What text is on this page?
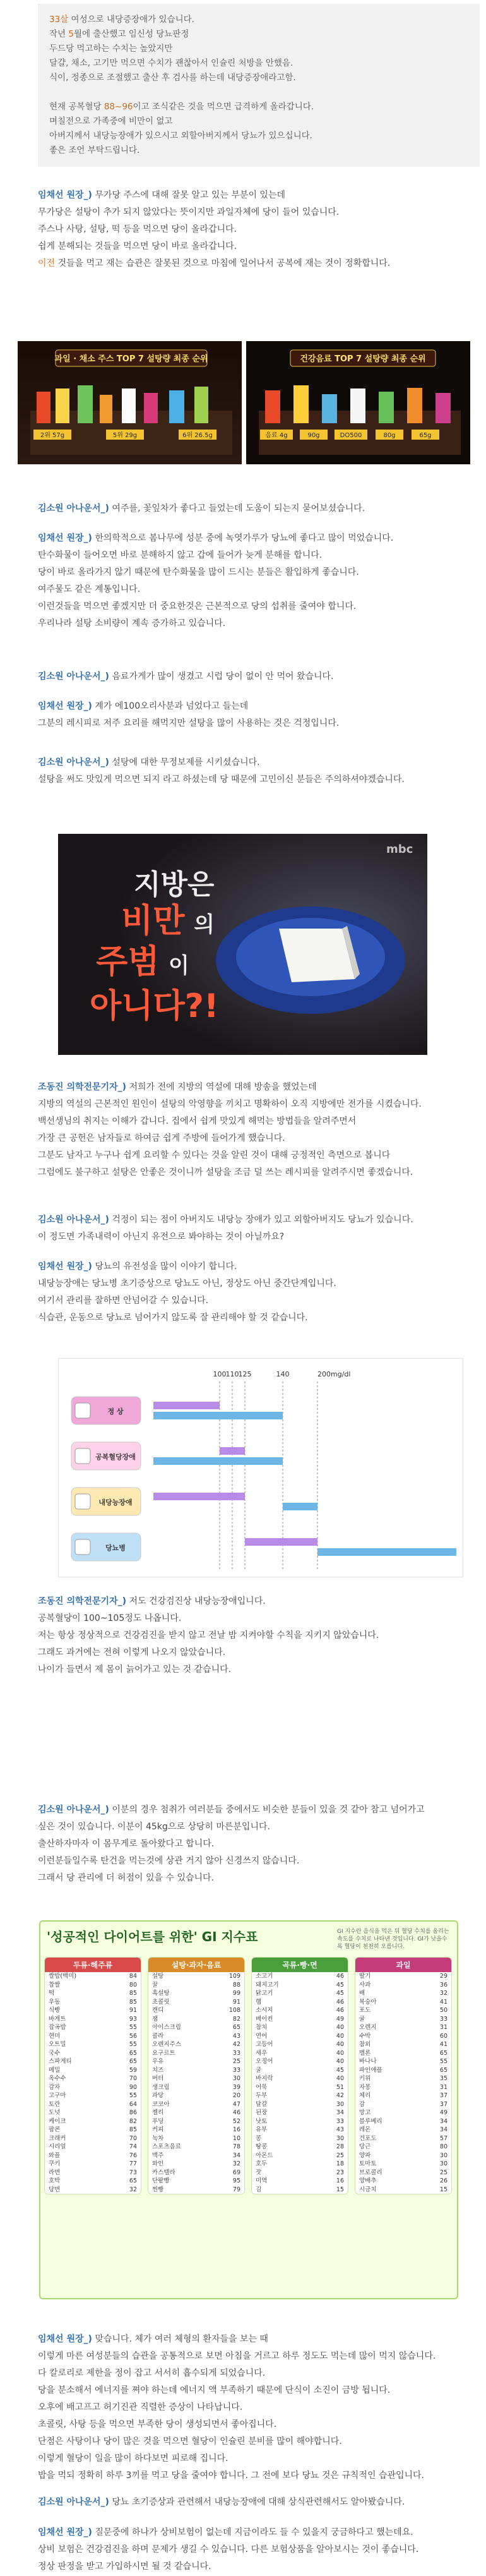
33살 여성으로 내당증장애가 있습니다.
작년 5월에 출산했고 임신성 당뇨판정
두드당 먹고하는 수치는 높았지만
달걀, 채소, 고기만 먹으면 수치가 괜찮아서 인슐린 처방을 안했음.
식이, 정종으로 조절했고 출산 후 검사를 하는데 내당증장애라고함.
현재 공복혈당 88~96이고 조식같은 것을 먹으면 급격하게 올라갑니다.
며칠전으로 가족중에 비만이 없고
아버지께서 내당능장애가 있으시고 외할아버지께서 당뇨가 있으십니다.
좋은 조언 부탁드립니다.

임채선 원장_) 무가당 주스에 대해 잘못 알고 있는 부분이 있는데

무가당은 설탕이 추가 되지 않았다는 뜻이지만 과일자체에 당이 들어 있습니다.

주스나 사탕, 설탕, 떡 등을 먹으면 당이 올라갑니다.

쉽게 분해되는 것들을 먹으면 당이 바로 올라갑니다.

이전 것들을 먹고 재는 습관은 잘못된 것으로 마침에 일어나서 공복에 재는 것이 정확합니다.

과일 · 채소 주스 TOP 7 설탕량 최종 순위
2위 57g	5위 29g	6위 26.5g
건강음료 TOP 7 설탕량 최종 순위
음료 4g	90g	DO500	80g	65g

김소원 아나운서_) 여주를, 꽃잎차가 좋다고 들었는데 도움이 되는지 묻어보셨습니다.

임채선 원장_) 한의학적으로 봄나무에 성분 중에 녹엿가루가 당뇨에 좋다고 많이 먹었습니다.

탄수화물이 들어오면 바로 분해하지 않고 갑에 들어가 늦게 분해를 합니다.

당이 바로 올라가지 않기 때문에 탄수화물을 많이 드시는 분들은 활입하게 좋습니다.

여주물도 같은 계통입니다.

이런것들을 먹으면 좋겠지만 더 중요한것은 근본적으로 당의 섭취를 줄여야 합니다.

우리나라 설탕 소비량이 계속 증가하고 있습니다.

김소원 아나운서_) 음료가게가 많이 생겼고 시럽 당이 없이 안 먹어 왔습니다.

임채선 원장_) 계가 에100오리사분과 넘었다고 들는데

그분의 레시피로 저주 요리를 해먹지만 설탕을 많이 사용하는 것은 걱정입니다.

김소원 아나운서_) 설탕에 대한 무정보제를 시키셨습니다.

설탕을 써도 맛있게 먹으면 되지 라고 하셨는데 당 때문에 고민이신 분들은 주의하셔야겠습니다.

지방은
비만 의
주범 이
아니다?!
mbc

조동진 의학전문기자_) 저희가 전에 지방의 역설에 대해 방송을 했었는데

지방의 역설의 근본적인 원인이 설탕의 악영향을 끼치고 명확하이 오직 지방에만 전가를 시켰습니다.

백선생님의 취지는 이해가 갑니다. 집에서 쉽게 맛있게 해먹는 방법들을 알려주면서

가장 큰 공헌은 남자들로 하여금 쉽게 주방에 들어가게 했습니다.

그분도 남자고 누구나 쉽게 요리할 수 있다는 것을 알린 것이 대해 긍정적인 측면으로 봅니다

그럼에도 불구하고 설탕은 안좋은 것이니까 설탕을 조금 덜 쓰는 레시피를 알려주시면 좋겠습니다.

김소원 아나운서_) 걱정이 되는 점이 아버지도 내당능 장애가 있고 외할아버지도 당뇨가 있습니다.

이 정도면 가족내력이 아닌지 유전으로 봐야하는 것이 아닐까요?

임채선 원장_) 당뇨의 유전성을 많이 이야기 합니다.

내당능장애는 당뇨병 초기증상으로 당뇨도 아닌, 정상도 아닌 중간단계입니다.

여기서 관리를 잘하면 안넘어갈 수 있습니다.

식습관, 운동으로 당뇨로 넘어가지 않도록 잘 관리해야 할 것 같습니다.

100 110 125	140	200mg/dl
정 상
공복혈당장애
내당능장애
당뇨병

조동진 의학전문기자_) 저도 건강검진상 내당능장애입니다.

공복혈당이 100~105정도 나옵니다.

저는 항상 정상적으로 건강검진을 받지 않고 전날 밤 지켜야할 수칙을 지키지 않았습니다.

그래도 과거에는 전혀 이렇게 나오지 않았습니다.

나이가 들면서 제 몸이 늙어가고 있는 것 같습니다.

김소원 아나운서_) 이분의 경우 첨취가 여러분들 중에서도 비슷한 분들이 있을 것 같아 참고 넘어가고

싶은 것이 있습니다. 이분이 45kg으로 상당히 마른분입니다.

출산하자마자 이 몸무게로 돌아왔다고 합니다.

이런분들일수록 탄건을 먹는것에 상관 거지 않아 신경쓰지 않습니다.

그래서 당 관리에 더 허점이 있을 수 있습니다.

'성공적인 다이어트를 위한' GI 지수표	GI 지수란 음식을 먹은 뒤 혈당 수치를 올리는 속도를 수치로 나타낸 것입니다. GI가 낮을수록 혈당이 천천히 오릅니다.
두류·해주류
쌀밥(백미)	84
찹쌀	80
떡	85
우동	85
식빵	91
바게트	93
잡곡밥	55
현미	56
오트밀	55
국수	65
스파게티	65
메밀	59
옥수수	70
감자	90
고구마	55
토란	64
도넛	86
케이크	82
팝콘	85
크래커	70
시리얼	74
와플	76
쿠키	77
라면	73
호박	65
당면	32
설탕·과자·음료
설탕	109
꿀	88
흑설탕	99
초콜릿	91
캔디	108
잼	82
아이스크림	65
콜라	43
오렌지주스	42
요구르트	33
우유	25
치즈	33
버터	30
생크림	39
과당	20
코코아	47
젤리	46
푸딩	52
커피	16
녹차	10
스포츠음료	78
맥주	34
와인	32
카스텔라	69
단팥빵	95
찐빵	79
곡류·빵·면
소고기	46
돼지고기	45
닭고기	45
햄	46
소시지	46
베이컨	49
참치	40
연어	40
고등어	40
새우	40
오징어	40
굴	45
바지락	40
어묵	51
두부	42
달걀	30
된장	34
낫토	33
유부	43
콩	30
땅콩	28
아몬드	25
호두	18
잣	23
미역	16
김	15
과일
딸기	29
사과	36
배	32
복숭아	41
포도	50
귤	33
오렌지	31
수박	60
참외	41
멜론	65
바나나	55
파인애플	65
키위	35
자몽	31
체리	37
감	37
망고	49
블루베리	34
레몬	34
건포도	57
당근	80
양파	30
토마토	30
브로콜리	25
양배추	26
시금치	15

임채선 원장_) 맞습니다. 체가 여러 체형의 환자들을 보는 때

이렇게 마른 여성분들의 습관을 공통적으로 보면 아침을 거르고 하루 정도도 먹는데 많이 먹지 않습니다.

다 칼로리로 제한을 정이 잡고 서서히 흡수되게 되었습니다.

당을 분소해서 에너지를 쪄야 하는데 에너지 액 부족하기 때문에 단식이 소진이 금방 됩니다.

오후에 배고프고 허기진관 직렬한 증상이 나타납니다.

초콜릿, 사탕 등을 먹으면 부족한 당이 생성되면서 좋아집니다.

단점은 사탕이나 당이 많은 것을 먹으면 혈당이 인슐린 분비를 많이 해야합니다.

이렇게 혈당이 일을 많이 하다보면 피로해 집니다.

밥을 먹되 정확히 하루 3끼를 먹고 당을 줄여야 합니다. 그 전에 보다 당뇨 것은 규칙적인 습관입니다.

김소원 아나운서_) 당뇨 초기증상과 관련해서 내당능장애에 대해 상식관련해서도 알아봤습니다.

임채선 원장_) 질문중에 하나가 상비보험이 없는데 지금이라도 들 수 있을지 궁금하다고 했는데요.

상비 보험은 건강검진을 하며 문제가 생길 수 있습니다. 다른 보험상품을 알아보시는 것이 좋습니다.

정상 판정을 받고 가입하시면 될 것 같습니다.
